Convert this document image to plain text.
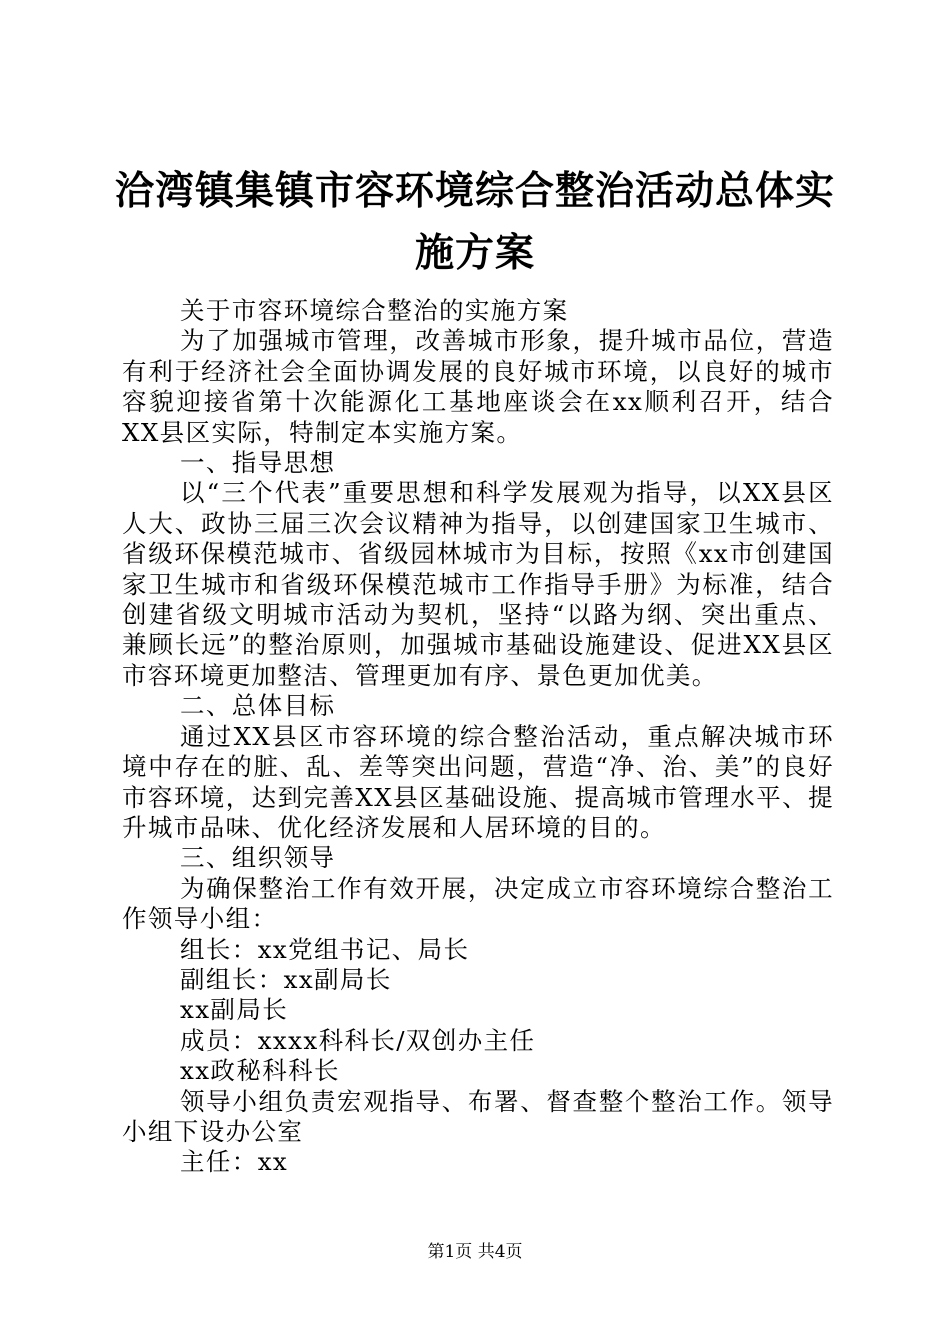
洽湾镇集镇市容环境综合整治活动总体实施方案

关于市容环境综合整治的实施方案

为了加强城市管理，改善城市形象，提升城市品位，营造有利于经济社会全面协调发展的良好城市环境，以良好的城市容貌迎接省第十次能源化工基地座谈会在xx顺利召开，结合XX县区实际，特制定本实施方案。

一、指导思想

以“三个代表”重要思想和科学发展观为指导，以XX县区人大、政协三届三次会议精神为指导，以创建国家卫生城市、省级环保模范城市、省级园林城市为目标，按照《xx市创建国家卫生城市和省级环保模范城市工作指导手册》为标准，结合创建省级文明城市活动为契机，坚持“以路为纲、突出重点、兼顾长远”的整治原则，加强城市基础设施建设、促进XX县区市容环境更加整洁、管理更加有序、景色更加优美。

二、总体目标

通过XX县区市容环境的综合整治活动，重点解决城市环境中存在的脏、乱、差等突出问题，营造“净、治、美”的良好市容环境，达到完善XX县区基础设施、提高城市管理水平、提升城市品味、优化经济发展和人居环境的目的。

三、组织领导

为确保整治工作有效开展，决定成立市容环境综合整治工作领导小组：

组长：xx党组书记、局长

副组长：xx副局长

xx副局长

成员：xxxx科科长/双创办主任

xx政秘科科长

领导小组负责宏观指导、布署、督查整个整治工作。领导小组下设办公室

主任：xx

第1页 共4页
